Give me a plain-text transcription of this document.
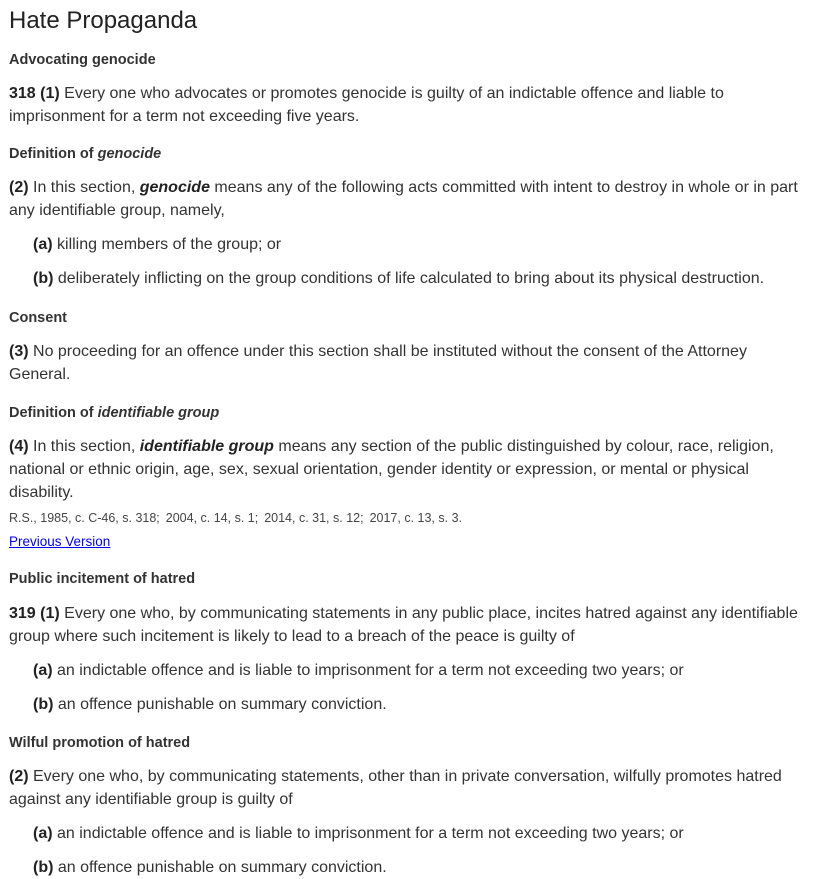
Hate Propaganda
Advocating genocide

318 (1) Every one who advocates or promotes genocide is guilty of an indictable offence and liable to imprisonment for a term not exceeding five years.

Definition of genocide

(2) In this section, genocide means any of the following acts committed with intent to destroy in whole or in part any identifiable group, namely,

(a) killing members of the group; or

(b) deliberately inflicting on the group conditions of life calculated to bring about its physical destruction.

Consent

(3) No proceeding for an offence under this section shall be instituted without the consent of the Attorney General.

Definition of identifiable group

(4) In this section, identifiable group means any section of the public distinguished by colour, race, religion, national or ethnic origin, age, sex, sexual orientation, gender identity or expression, or mental or physical disability.

R.S., 1985, c. C-46, s. 318; 2004, c. 14, s. 1; 2014, c. 31, s. 12; 2017, c. 13, s. 3.
Previous Version
Public incitement of hatred

319 (1) Every one who, by communicating statements in any public place, incites hatred against any identifiable group where such incitement is likely to lead to a breach of the peace is guilty of

(a) an indictable offence and is liable to imprisonment for a term not exceeding two years; or

(b) an offence punishable on summary conviction.

Wilful promotion of hatred

(2) Every one who, by communicating statements, other than in private conversation, wilfully promotes hatred against any identifiable group is guilty of

(a) an indictable offence and is liable to imprisonment for a term not exceeding two years; or

(b) an offence punishable on summary conviction.
